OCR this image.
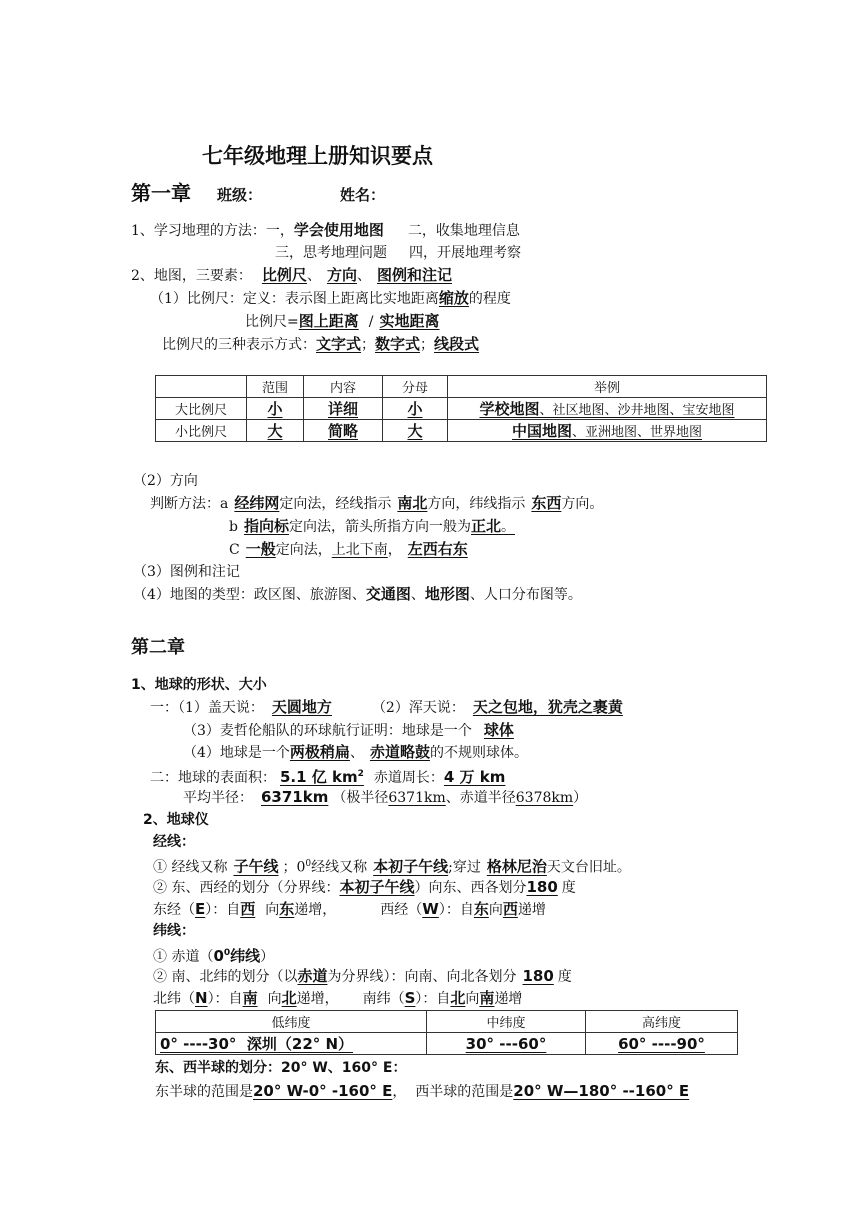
七年级地理上册知识要点
第一章 班级：	姓名：
1、学习地理的方法：一，学会使用地图 二，收集地理信息
三，思考地理问题 四，开展地理考察
2、地图，三要素： 比例尺、 方向、 图例和注记
（1）比例尺：定义：表示图上距离比实地距离缩放的程度
比例尺=图上距离 / 实地距离
比例尺的三种表示方式：文字式；数字式；线段式
	范围	内容	分母	举例
大比例尺	小	详细	小	学校地图、社区地图、沙井地图、宝安地图
小比例尺	大	简略	大	中国地图、亚洲地图、世界地图
（2）方向
判断方法：a 经纬网定向法，经线指示 南北方向，纬线指示 东西方向。
b 指向标定向法，箭头所指方向一般为正北。
C 一般定向法，上北下南， 左西右东
（3）图例和注记
（4）地图的类型：政区图、旅游图、交通图、地形图、人口分布图等。
第二章
1、地球的形状、大小
一：（1）盖天说： 天圆地方	（2）浑天说： 天之包地，犹壳之裹黄
（3）麦哲伦船队的环球航行证明：地球是一个 球体
（4）地球是一个两极稍扁、 赤道略鼓的不规则球体。
二：地球的表面积： 5.1 亿 $km^2$ 赤道周长：4 万 km
平均半径： 6371km （极半径6371km、赤道半径6378km）
2、地球仪
经线：
① 经线又称 子午线 ；$0^0$经线又称 本初子午线;穿过 格林尼治天文台旧址。
② 东、西经的划分（分界线：本初子午线）向东、西各划分180 度
东经（E）：自西 向东递增，	西经（W）：自东向西递增
纬线：
① 赤道（$0^0$纬线）
② 南、北纬的划分（以赤道为分界线）：向南、向北各划分 180 度
北纬（N）：自南 向北递增， 南纬（S）：自北向南递增
低纬度	中纬度	高纬度
0° ----30°  深圳（22° N）	30° ---60°	60° ----90°
东、西半球的划分：20° W、160° E：
东半球的范围是20° W-0° -160° E，  西半球的范围是20° W—180° --160° E
